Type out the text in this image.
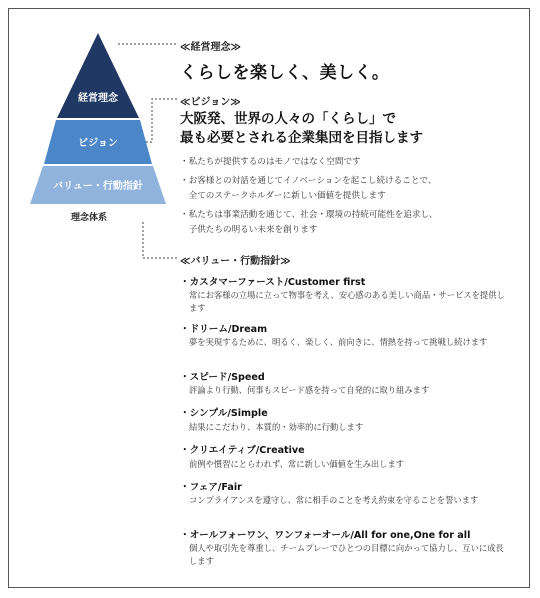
経営理念
ビジョン
バリュー・行動指針
理念体系
≪経営理念≫
くらしを楽しく、美しく。
≪ビジョン≫
大阪発、世界の人々の「くらし」で
最も必要とされる企業集団を目指します
・私たちが提供するのはモノではなく空間です
・お客様との対話を通じてイノベーションを起こし続けることで、
　全てのステークホルダーに新しい価値を提供します
・私たちは事業活動を通じて、社会・環境の持続可能性を追求し、
　子供たちの明るい未来を創ります
≪バリュー・行動指針≫
・カスタマーファースト/Customer first
常にお客様の立場に立って物事を考え、安心感のある美しい商品・サービスを提供します
・ドリーム/Dream
夢を実現するために、明るく、楽しく、前向きに、情熱を持って挑戦し続けます
・スピード/Speed
評論より行動、何事もスピード感を持って自発的に取り組みます
・シンプル/Simple
結果にこだわり、本質的・効率的に行動します
・クリエイティブ/Creative
前例や慣習にとらわれず、常に新しい価値を生み出します
・フェア/Fair
コンプライアンスを遵守し、常に相手のことを考え約束を守ることを誓います
・オールフォーワン、ワンフォーオール/All for one,One for all
個人や取引先を尊重し、チームプレーでひとつの目標に向かって協力し、互いに成長します
